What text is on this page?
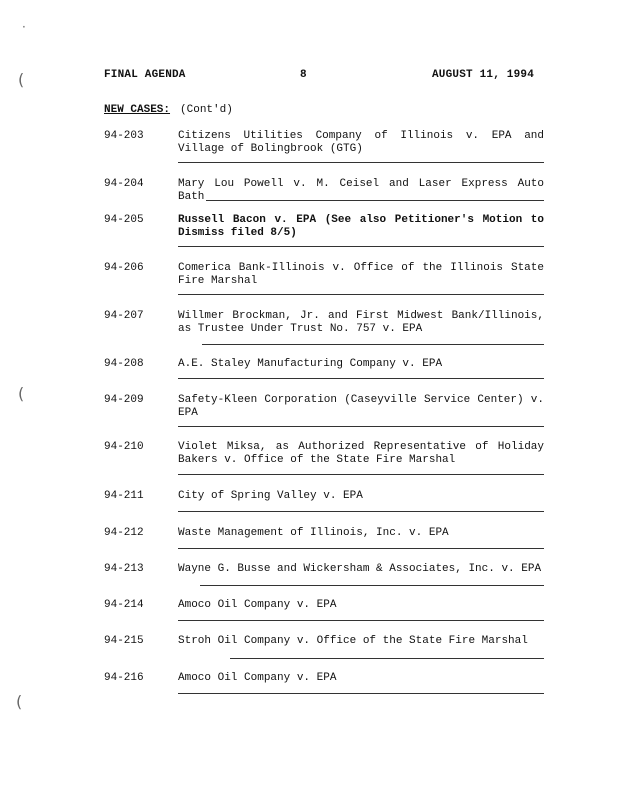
·
(
(
(
FINAL AGENDA	8	AUGUST 11, 1994
NEW CASES: (Cont'd)
94-203	Citizens Utilities Company of Illinois v. EPA and Village of Bolingbrook (GTG)
94-204	Mary Lou Powell v. M. Ceisel and Laser Express Auto Bath
94-205	Russell Bacon v. EPA (See also Petitioner's Motion to Dismiss filed 8/5)
94-206	Comerica Bank-Illinois v. Office of the Illinois State Fire Marshal
94-207	Willmer Brockman, Jr. and First Midwest Bank/Illinois, as Trustee Under Trust No. 757 v. EPA
94-208	A.E. Staley Manufacturing Company v. EPA
94-209	Safety-Kleen Corporation (Caseyville Service Center) v. EPA
94-210	Violet Miksa, as Authorized Representative of Holiday Bakers v. Office of the State Fire Marshal
94-211	City of Spring Valley v. EPA
94-212	Waste Management of Illinois, Inc. v. EPA
94-213	Wayne G. Busse and Wickersham & Associates, Inc. v. EPA
94-214	Amoco Oil Company v. EPA
94-215	Stroh Oil Company v. Office of the State Fire Marshal
94-216	Amoco Oil Company v. EPA
